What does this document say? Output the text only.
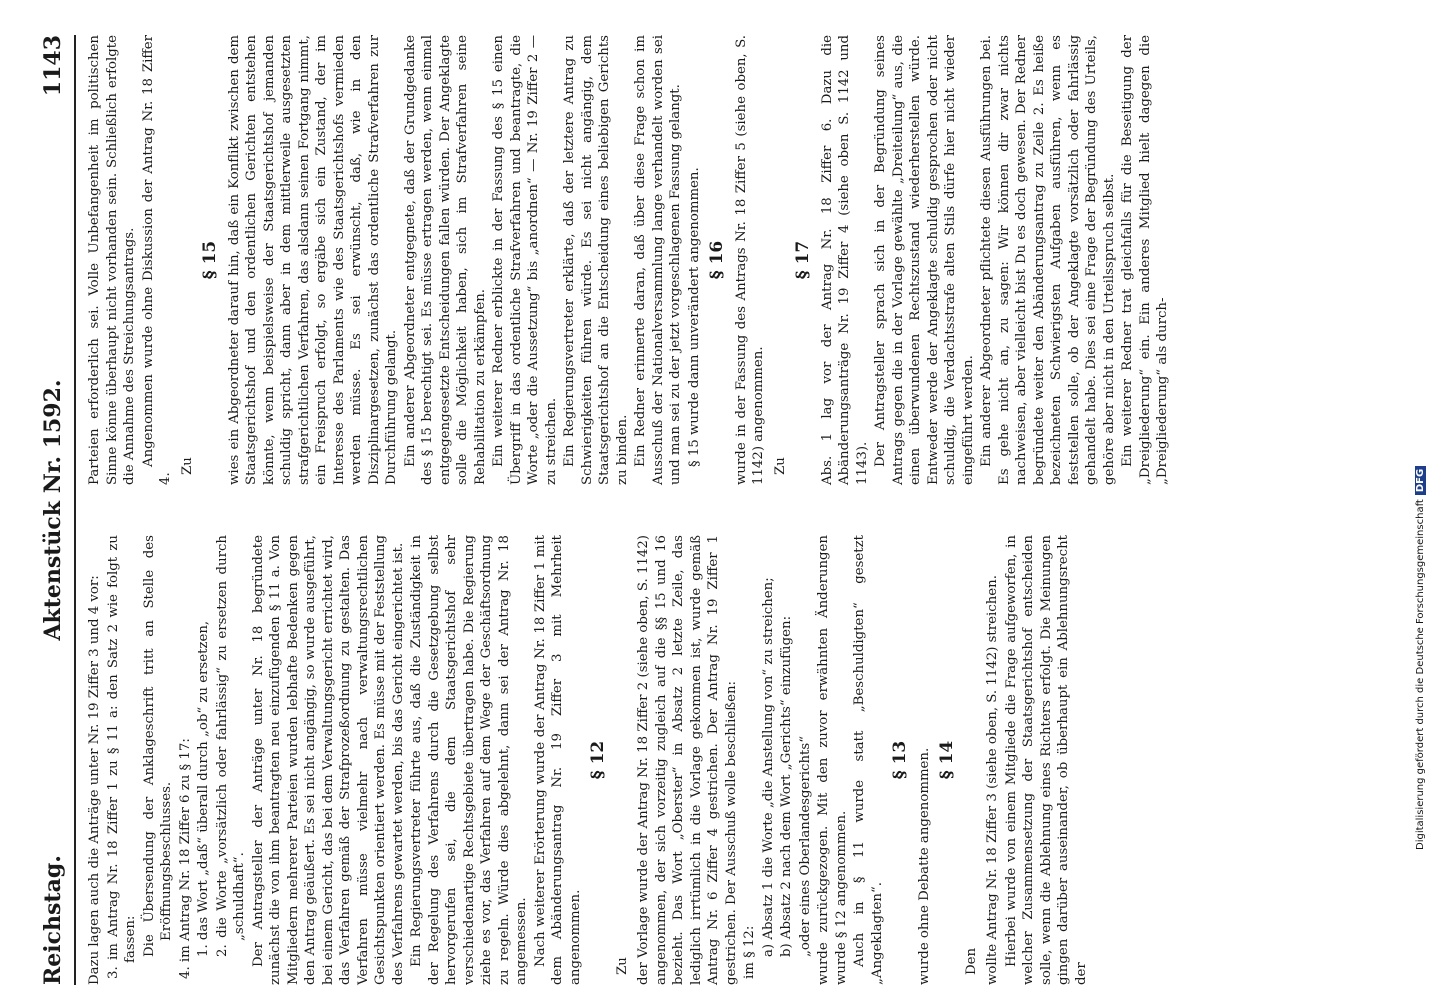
Reichstag.
Aktenstück Nr. 1592.
1143

Dazu lagen auch die Anträge unter Nr. 19 Ziffer 3 und 4 vor: 3. im Antrag Nr. 18 Ziffer 1 zu § 11 a: den Satz 2 wie folgt zu fassen: Die Übersendung der Anklageschrift tritt an Stelle des Eröffnungsbeschlusses. 4. im Antrag Nr. 18 Ziffer 6 zu § 17: 1. das Wort „daß“ überall durch „ob“ zu ersetzen, 2. die Worte „vorsätzlich oder fahrlässig“ zu ersetzen durch „schuldhaft“. Der Antragsteller der Anträge unter Nr. 18 begründete zunächst die von ihm beantragten neu einzufügenden § 11 a. Von Mitgliedern mehrerer Parteien wurden lebhafte Bedenken gegen den Antrag geäußert. Es sei nicht angängig, so wurde ausgeführt, bei einem Gericht, das bei dem Verwaltungsgericht errichtet wird, das Verfahren gemäß der Strafprozeßordnung zu gestalten. Das Verfahren müsse vielmehr nach verwaltungsrechtlichen Gesichtspunkten orientiert werden. Es müsse mit der Feststellung des Verfahrens gewartet werden, bis das Gericht eingerichtet ist. Ein Regierungsvertreter führte aus, daß die Zuständigkeit in der Regelung des Verfahrens durch die Gesetzgebung selbst hervorgerufen sei, die dem Staatsgerichtshof sehr verschiedenartige Rechtsgebiete übertragen habe. Die Regierung ziehe es vor, das Verfahren auf dem Wege der Geschäftsordnung zu regeln. Würde dies abgelehnt, dann sei der Antrag Nr. 18 angemessen. Nach weiterer Erörterung wurde der Antrag Nr. 18 Ziffer 1 mit dem Abänderungsantrag Nr. 19 Ziffer 3 mit Mehrheit angenommen.

§ 12

Zu der Vorlage wurde der Antrag Nr. 18 Ziffer 2 (siehe oben, S. 1142) angenommen, der sich vorzeitig zugleich auf die §§ 15 und 16 bezieht. Das Wort „Oberster“ in Absatz 2 letzte Zeile, das lediglich irrtümlich in die Vorlage gekommen ist, wurde gemäß Antrag Nr. 6 Ziffer 4 gestrichen. Der Antrag Nr. 19 Ziffer 1 gestrichen. Der Ausschuß wolle beschließen: im § 12: a) Absatz 1 die Worte „die Anstellung von“ zu streichen; b) Absatz 2 nach dem Wort „Gerichts“ einzufügen: „oder eines Oberlandesgerichts“ wurde zurückgezogen. Mit den zuvor erwähnten Änderungen wurde § 12 angenommen. Auch in § 11 wurde statt „Beschuldigten“ gesetzt „Angeklagten“.

§ 13 wurde ohne Debatte angenommen. § 14

Den wollte Antrag Nr. 18 Ziffer 3 (siehe oben, S. 1142) streichen. Hierbei wurde von einem Mitgliede die Frage aufgeworfen, in welcher Zusammensetzung der Staatsgerichtshof entscheiden solle, wenn die Ablehnung eines Richters erfolgt. Die Meinungen gingen darüber auseinander, ob überhaupt ein Ablehnungsrecht der

Parteien erforderlich sei. Volle Unbefangenheit im politischen Sinne könne überhaupt nicht vorhanden sein. Schließlich erfolgte die Annahme des Streichungsantrags. Angenommen wurde ohne Diskussion der Antrag Nr. 18 Ziffer 4.

Zu

§ 15 wies ein Abgeordneter darauf hin, daß ein Konflikt zwischen dem Staatsgerichtshof und den ordentlichen Gerichten entstehen könnte, wenn beispielsweise der Staatsgerichtshof jemanden schuldig spricht, dann aber in dem mittlerweile ausgesetzten strafgerichtlichen Verfahren, das alsdann seinen Fortgang nimmt, ein Freispruch erfolgt, so ergäbe sich ein Zustand, der im Interesse des Parlaments wie des Staatsgerichtshofs vermieden werden müsse. Es sei erwünscht, daß, wie in den Disziplinargesetzen, zunächst das ordentliche Strafverfahren zur Durchführung gelangt. Ein anderer Abgeordneter entgegnete, daß der Grundgedanke des § 15 berechtigt sei. Es müsse ertragen werden, wenn einmal entgegengesetzte Entscheidungen fallen würden. Der Angeklagte solle die Möglichkeit haben, sich im Strafverfahren seine Rehabilitation zu erkämpfen. Ein weiterer Redner erblickte in der Fassung des § 15 einen Übergriff in das ordentliche Strafverfahren und beantragte, die Worte „oder die Aussetzung“ bis „anordnen“ — Nr. 19 Ziffer 2 — zu streichen. Ein Regierungsvertreter erklärte, daß der letztere Antrag zu Schwierigkeiten führen würde. Es sei nicht angängig, dem Staatsgerichtshof an die Entscheidung eines beliebigen Gerichts zu binden. Ein Redner erinnerte daran, daß über diese Frage schon im Ausschuß der Nationalversammlung lange verhandelt worden sei und man sei zu der jetzt vorgeschlagenen Fassung gelangt. § 15 wurde dann unverändert angenommen. § 16 wurde in der Fassung des Antrags Nr. 18 Ziffer 5 (siehe oben, S. 1142) angenommen. Zu

§ 17 Abs. 1 lag vor der Antrag Nr. 18 Ziffer 6. Dazu die Abänderungsanträge Nr. 19 Ziffer 4 (siehe oben S. 1142 und 1143). Der Antragsteller sprach sich in der Begründung seines Antrags gegen die in der Vorlage gewählte „Dreiteilung“ aus, die einen überwundenen Rechtszustand wiederherstellen würde. Entweder werde der Angeklagte schuldig gesprochen oder nicht schuldig, die Verdachtsstrafe alten Stils dürfe hier nicht wieder eingeführt werden. Ein anderer Abgeordneter pflichtete diesen Ausführungen bei. Es gehe nicht an, zu sagen: Wir können dir zwar nichts nachweisen, aber vielleicht bist Du es doch gewesen. Der Redner begründete weiter den Abänderungsantrag zu Zeile 2. Es heiße bezeichneten Schwierigsten Aufgaben ausführen, wenn es feststellen solle, ob der Angeklagte vorsätzlich oder fahrlässig gehandelt habe. Dies sei eine Frage der Begründung des Urteils, gehöre aber nicht in den Urteilsspruch selbst. Ein weiterer Redner trat gleichfalls für die Beseitigung der „Dreigliederung“ ein. Ein anderes Mitglied hielt dagegen die „Dreigliederung“ als durch-

Digitalisierung gefördert durch die Deutsche ForschungsgemeinschaftDFG
